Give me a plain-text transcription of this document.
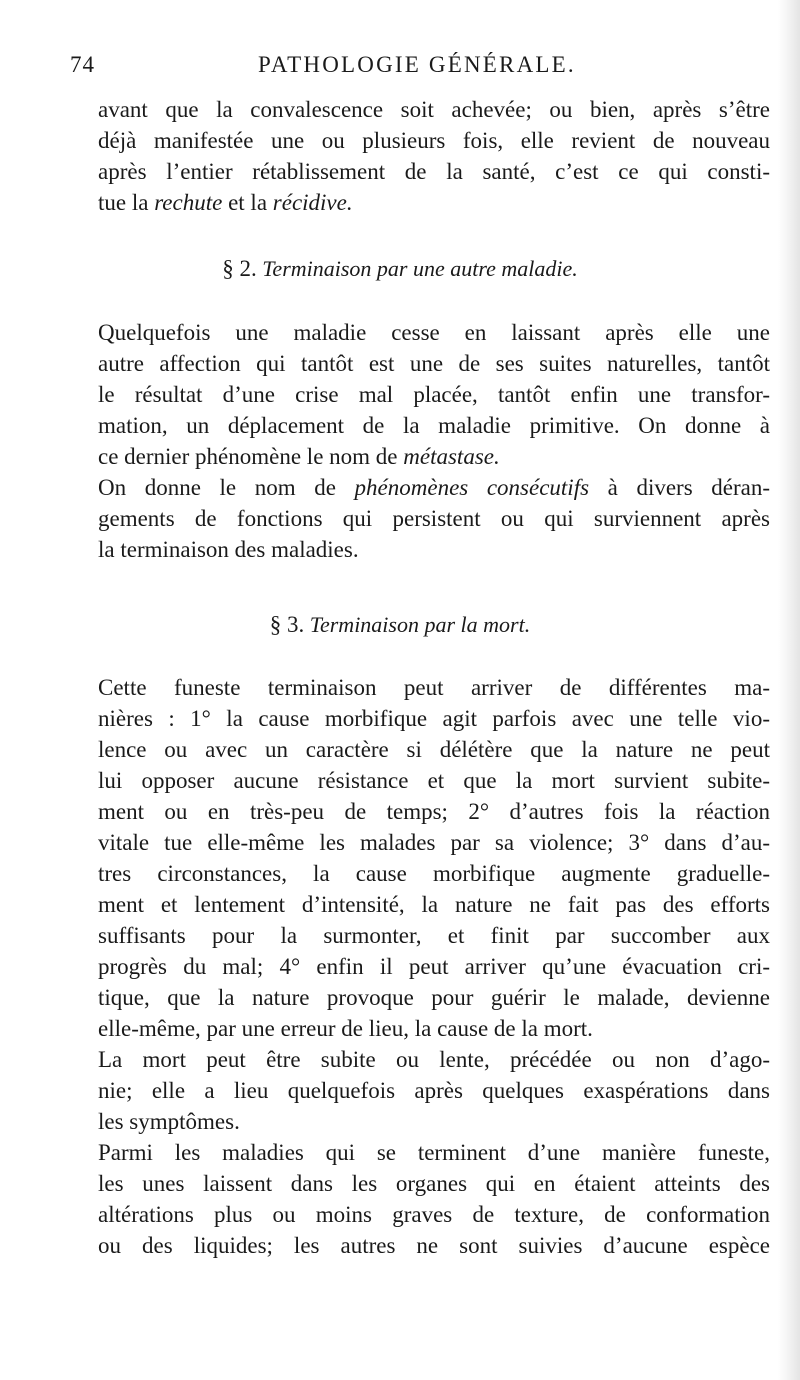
74	PATHOLOGIE GÉNÉRALE.

avant que la convalescence soit achevée; ou bien, après s’être

déjà manifestée une ou plusieurs fois, elle revient de nouveau

après l’entier rétablissement de la santé, c’est ce qui consti-

tue la rechute et la récidive.

§ 2. Terminaison par une autre maladie.

Quelquefois une maladie cesse en laissant après elle une

autre affection qui tantôt est une de ses suites naturelles, tantôt

le résultat d’une crise mal placée, tantôt enfin une transfor-

mation, un déplacement de la maladie primitive. On donne à

ce dernier phénomène le nom de métastase.

On donne le nom de phénomènes consécutifs à divers déran-

gements de fonctions qui persistent ou qui surviennent après

la terminaison des maladies.

§ 3. Terminaison par la mort.

Cette funeste terminaison peut arriver de différentes ma-

nières : 1° la cause morbifique agit parfois avec une telle vio-

lence ou avec un caractère si délétère que la nature ne peut

lui opposer aucune résistance et que la mort survient subite-

ment ou en très-peu de temps; 2° d’autres fois la réaction

vitale tue elle-même les malades par sa violence; 3° dans d’au-

tres circonstances, la cause morbifique augmente graduelle-

ment et lentement d’intensité, la nature ne fait pas des efforts

suffisants pour la surmonter, et finit par succomber aux

progrès du mal; 4° enfin il peut arriver qu’une évacuation cri-

tique, que la nature provoque pour guérir le malade, devienne

elle-même, par une erreur de lieu, la cause de la mort.

La mort peut être subite ou lente, précédée ou non d’ago-

nie; elle a lieu quelquefois après quelques exaspérations dans

les symptômes.

Parmi les maladies qui se terminent d’une manière funeste,

les unes laissent dans les organes qui en étaient atteints des

altérations plus ou moins graves de texture, de conformation

ou des liquides; les autres ne sont suivies d’aucune espèce
